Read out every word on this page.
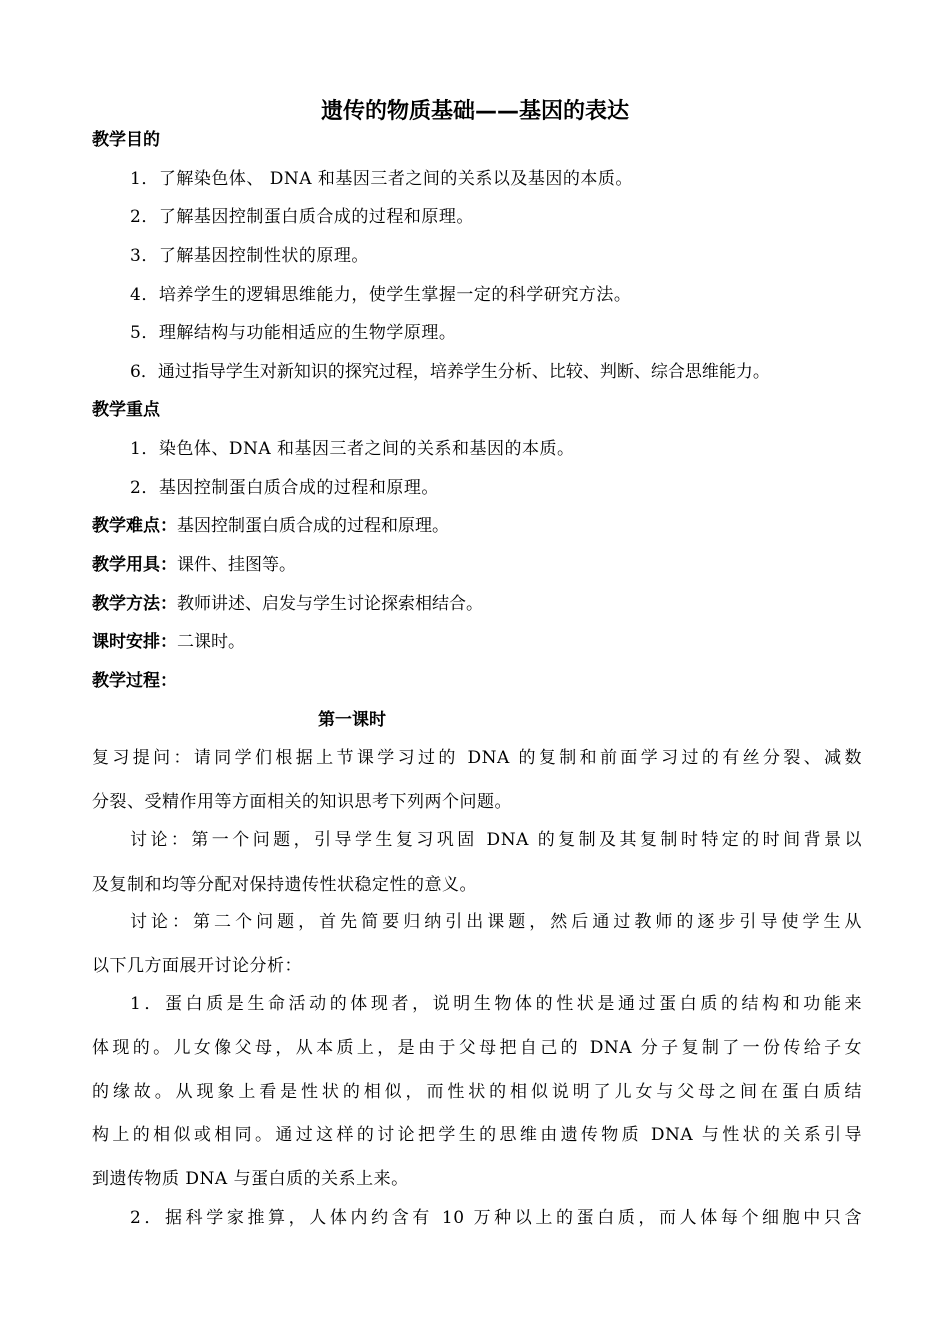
遗传的物质基础——基因的表达
教学目的
1．了解染色体、 DNA 和基因三者之间的关系以及基因的本质。
2．了解基因控制蛋白质合成的过程和原理。
3．了解基因控制性状的原理。
4．培养学生的逻辑思维能力，使学生掌握一定的科学研究方法。
5．理解结构与功能相适应的生物学原理。
6．通过指导学生对新知识的探究过程，培养学生分析、比较、判断、综合思维能力。
教学重点
1．染色体、DNA 和基因三者之间的关系和基因的本质。
2．基因控制蛋白质合成的过程和原理。
教学难点：基因控制蛋白质合成的过程和原理。
教学用具：课件、挂图等。
教学方法：教师讲述、启发与学生讨论探索相结合。
课时安排：二课时。
教学过程：
第一课时
复习提问：请同学们根据上节课学习过的 DNA 的复制和前面学习过的有丝分裂、减数
分裂、受精作用等方面相关的知识思考下列两个问题。
讨论：第一个问题，引导学生复习巩固 DNA 的复制及其复制时特定的时间背景以
及复制和均等分配对保持遗传性状稳定性的意义。
讨论：第二个问题，首先简要归纳引出课题，然后通过教师的逐步引导使学生从
以下几方面展开讨论分析：
1．蛋白质是生命活动的体现者，说明生物体的性状是通过蛋白质的结构和功能来
体现的。儿女像父母，从本质上，是由于父母把自己的 DNA 分子复制了一份传给子女
的缘故。从现象上看是性状的相似，而性状的相似说明了儿女与父母之间在蛋白质结
构上的相似或相同。通过这样的讨论把学生的思维由遗传物质 DNA 与性状的关系引导
到遗传物质 DNA 与蛋白质的关系上来。
2．据科学家推算，人体内约含有 10 万种以上的蛋白质，而人体每个细胞中只含
